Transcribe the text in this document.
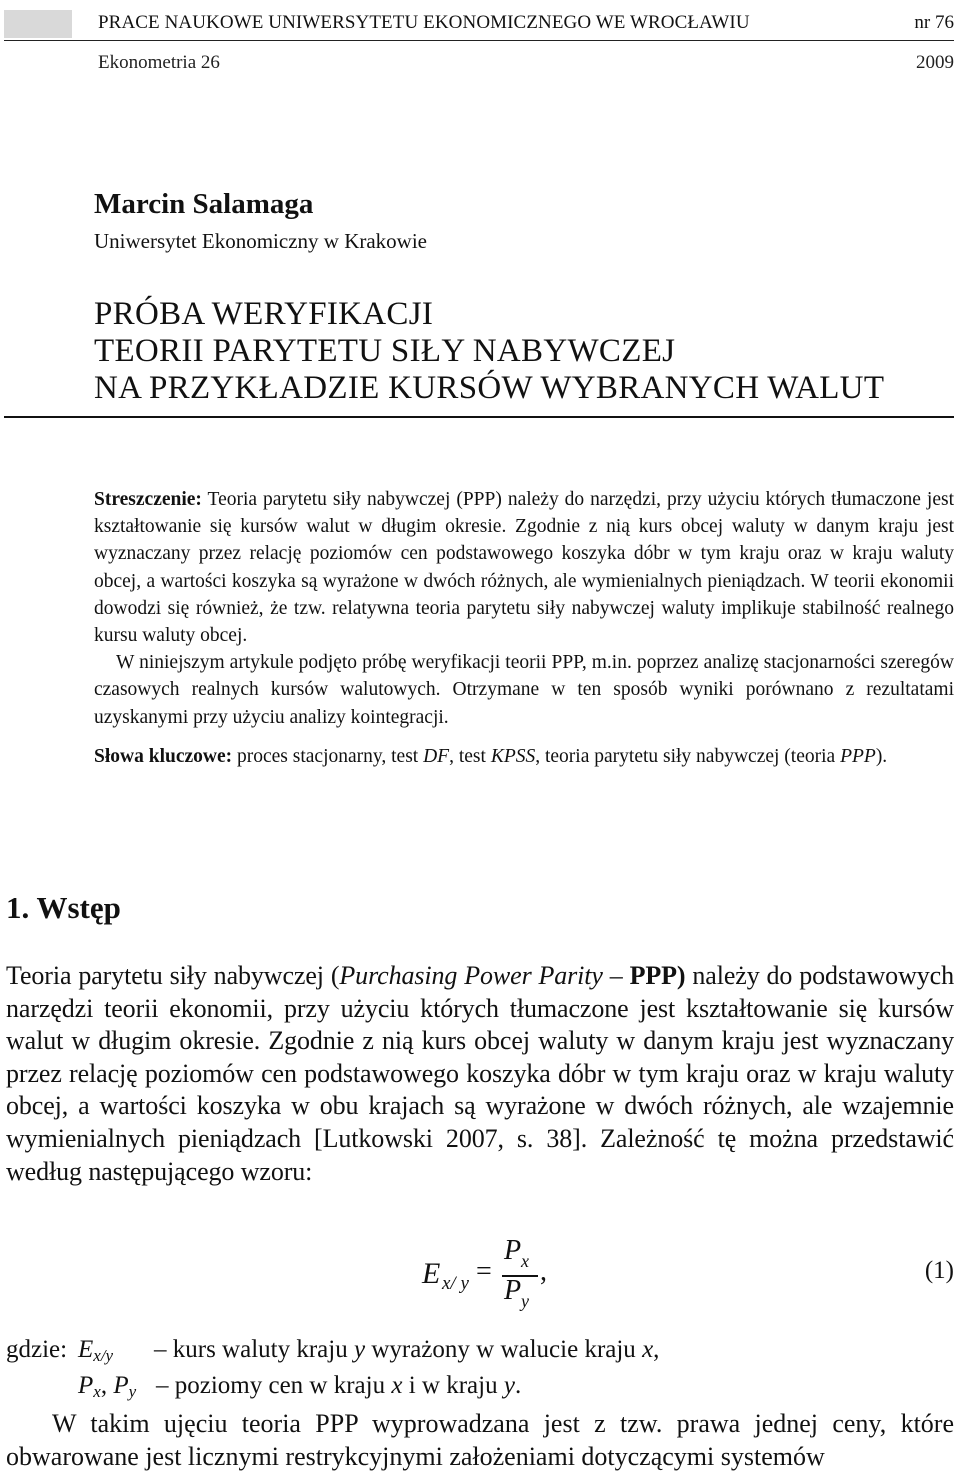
PRACE NAUKOWE UNIWERSYTETU EKONOMICZNEGO WE WROCŁAWIU	nr 76
Ekonometria 26	2009
Marcin Salamaga
Uniwersytet Ekonomiczny w Krakowie
PRÓBA WERYFIKACJI
TEORII PARYTETU SIŁY NABYWCZEJ
NA PRZYKŁADZIE KURSÓW WYBRANYCH WALUT

Streszczenie: Teoria parytetu siły nabywczej (PPP) należy do narzędzi, przy użyciu których tłumaczone jest kształtowanie się kursów walut w długim okresie. Zgodnie z nią kurs obcej waluty w danym kraju jest wyznaczany przez relację poziomów cen podstawowego koszyka dóbr w tym kraju oraz w kraju waluty obcej, a wartości koszyka są wyrażone w dwóch różnych, ale wymienialnych pieniądzach. W teorii ekonomii dowodzi się również, że tzw. relatywna teoria parytetu siły nabywczej waluty implikuje stabilność realnego kursu waluty obcej.

W niniejszym artykule podjęto próbę weryfikacji teorii PPP, m.in. poprzez analizę stacjonarności szeregów czasowych realnych kursów walutowych. Otrzymane w ten sposób wyniki porównano z rezultatami uzyskanymi przy użyciu analizy kointegracji.

Słowa kluczowe: proces stacjonarny, test DF, test KPSS, teoria parytetu siły nabywczej (teoria PPP).
1. Wstęp

Teoria parytetu siły nabywczej (Purchasing Power Parity – PPP) należy do podstawowych narzędzi teorii ekonomii, przy użyciu których tłumaczone jest kształtowanie się kursów walut w długim okresie. Zgodnie z nią kurs obcej waluty w danym kraju jest wyznaczany przez relację poziomów cen podstawowego koszyka dóbr w tym kraju oraz w kraju waluty obcej, a wartości koszyka w obu krajach są wyrażone w dwóch różnych, ale wzajemnie wymienialnych pieniądzach [Lutkowski 2007, s. 38]. Zależność tę można przedstawić według następującego wzoru:

E x/ y =
P x
P y
,	(1)
gdzie: $E_{x/y}$ – kurs waluty kraju y wyrażony w walucie kraju x,
$P_x$, $P_y$ – poziomy cen w kraju x i w kraju y.

W takim ujęciu teoria PPP wyprowadzana jest z tzw. prawa jednej ceny, które obwarowane jest licznymi restrykcyjnymi założeniami dotyczącymi systemów
